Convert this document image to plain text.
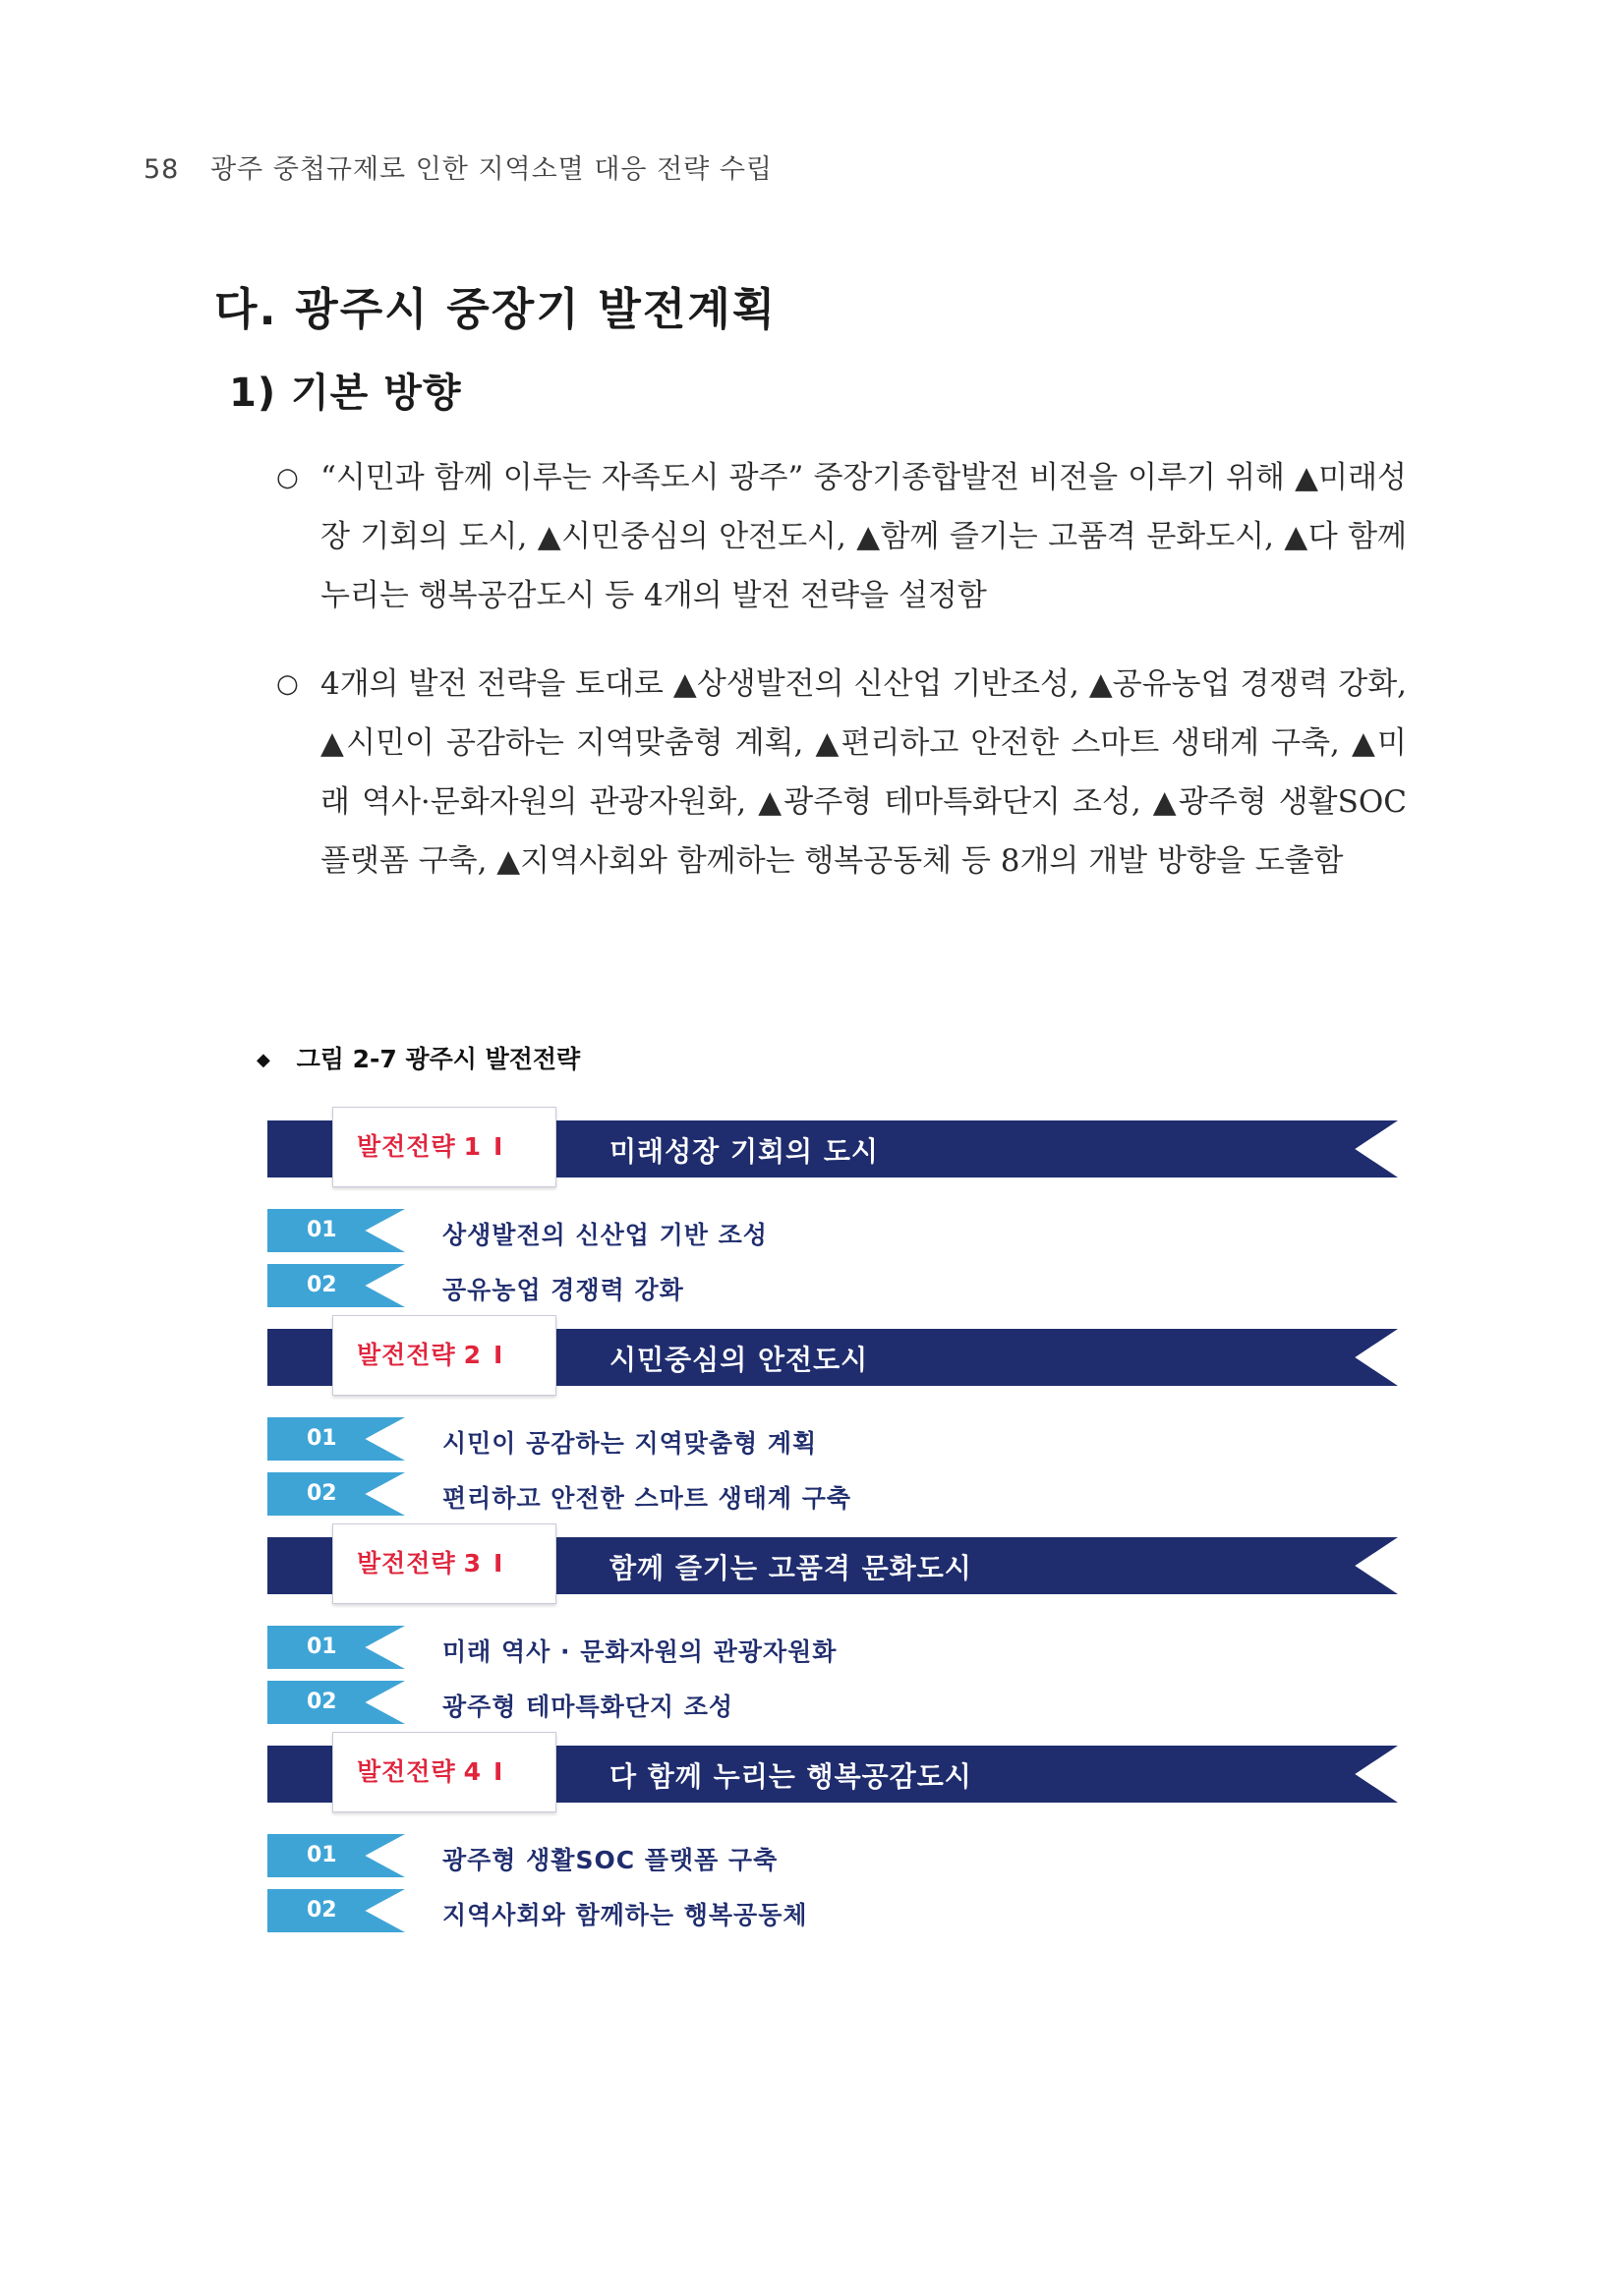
58 광주 중첩규제로 인한 지역소멸 대응 전략 수립
다. 광주시 중장기 발전계획
1) 기본 방향
○ “시민과 함께 이루는 자족도시 광주” 중장기종합발전 비전을 이루기 위해 ▲미래성장 기회의 도시, ▲시민중심의 안전도시, ▲함께 즐기는 고품격 문화도시, ▲다 함께 누리는 행복공감도시 등 4개의 발전 전략을 설정함
○ 4개의 발전 전략을 토대로 ▲상생발전의 신산업 기반조성, ▲공유농업 경쟁력 강화, ▲시민이 공감하는 지역맞춤형 계획, ▲편리하고 안전한 스마트 생태계 구축, ▲미래 역사·문화자원의 관광자원화, ▲광주형 테마특화단지 조성, ▲광주형 생활SOC 플랫폼 구축, ▲지역사회와 함께하는 행복공동체 등 8개의 개발 방향을 도출함
◆ 그림 2-7 광주시 발전전략
발전전략 1 I	미래성장 기회의 도시
01	상생발전의 신산업 기반 조성
02	공유농업 경쟁력 강화
발전전략 2 I	시민중심의 안전도시
01	시민이 공감하는 지역맞춤형 계획
02	편리하고 안전한 스마트 생태계 구축
발전전략 3 I	함께 즐기는 고품격 문화도시
01	미래 역사 · 문화자원의 관광자원화
02	광주형 테마특화단지 조성
발전전략 4 I	다 함께 누리는 행복공감도시
01	광주형 생활SOC 플랫폼 구축
02	지역사회와 함께하는 행복공동체
